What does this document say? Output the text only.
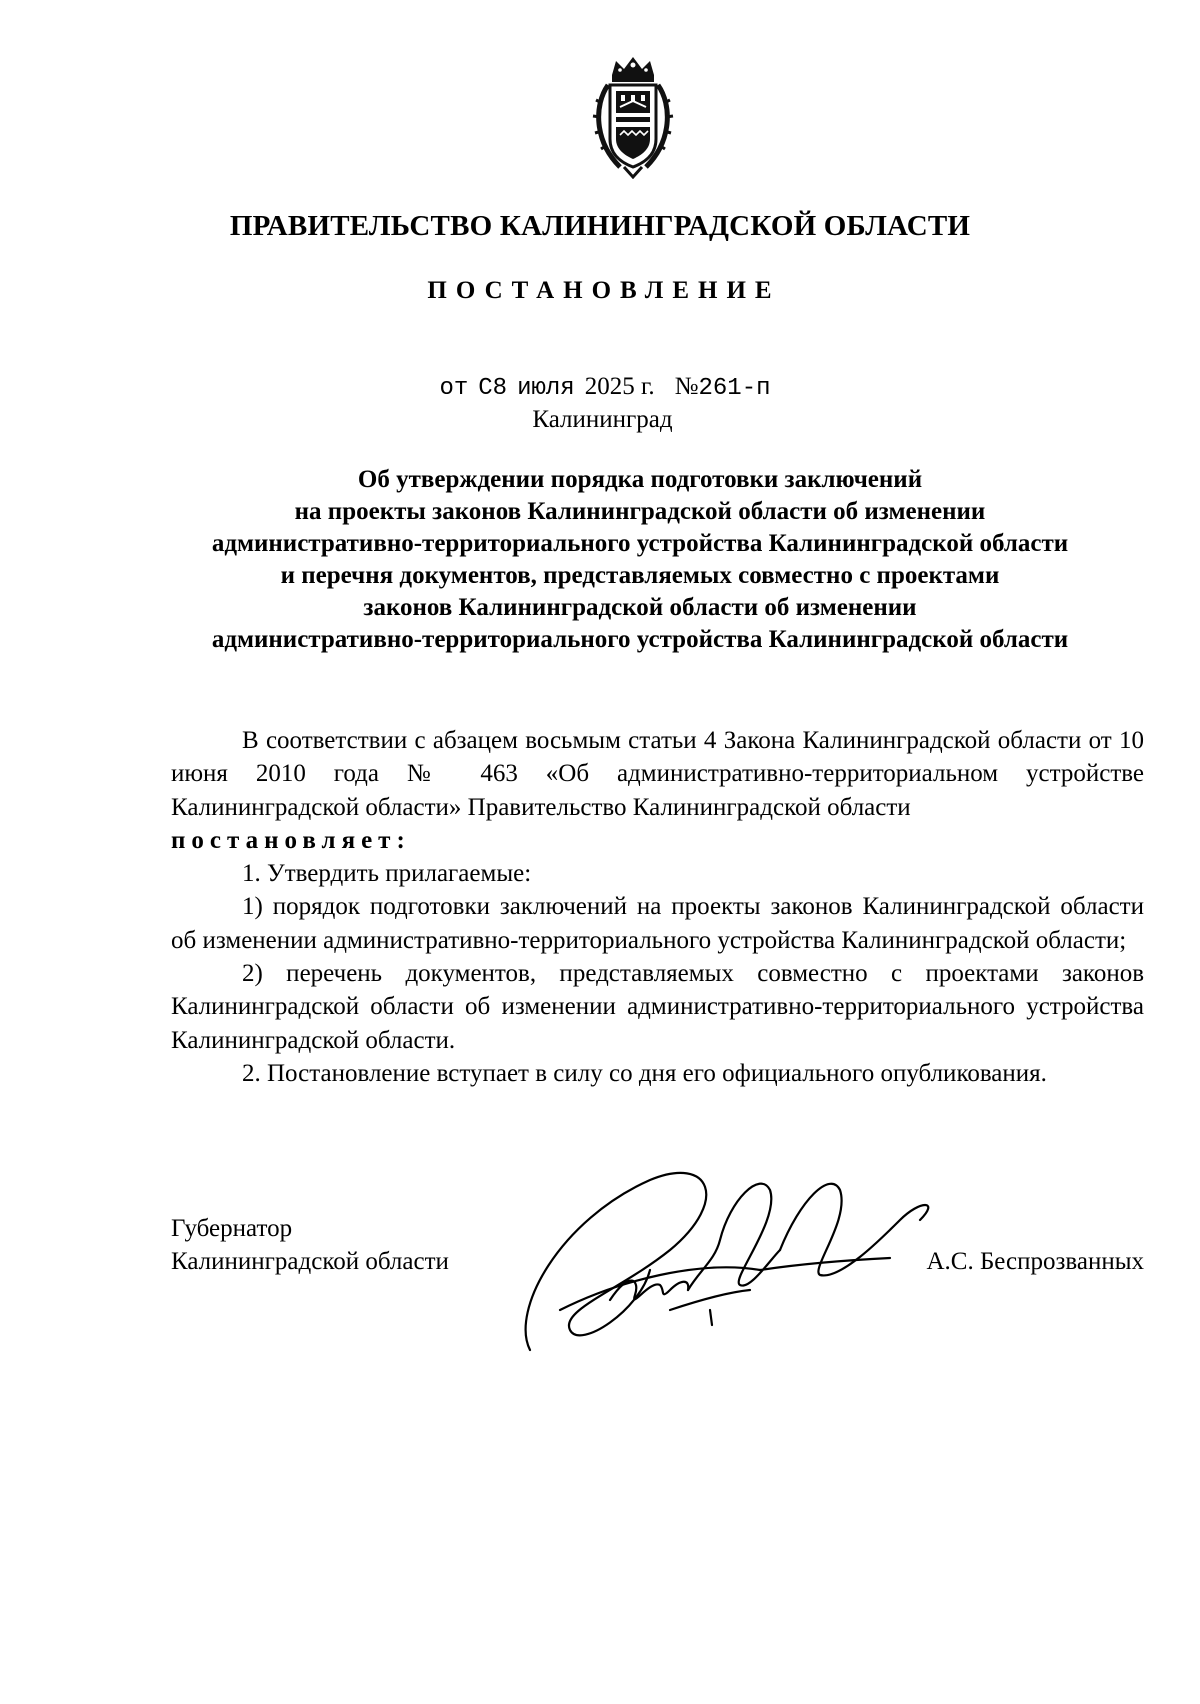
ПРАВИТЕЛЬСТВО КАЛИНИНГРАДСКОЙ ОБЛАСТИ
ПОСТАНОВЛЕНИЕ
от С8 июля 2025 г. №261-п
Калининград
Об утверждении порядка подготовки заключений
на проекты законов Калининградской области об изменении
административно-территориального устройства Калининградской области
и перечня документов, представляемых совместно с проектами
законов Калининградской области об изменении
административно-территориального устройства Калининградской области

В соответствии с абзацем восьмым статьи 4 Закона Калининградской области от 10 июня 2010 года № 463 «Об административно-территориальном устройстве Калининградской области» Правительство Калининградской области

постановляет:

1. Утвердить прилагаемые:

1) порядок подготовки заключений на проекты законов Калининградской области об изменении административно-территориального устройства Калининградской области;

2) перечень документов, представляемых совместно с проектами законов Калининградской области об изменении административно-территориального устройства Калининградской области.

2. Постановление вступает в силу со дня его официального опубликования.

Губернатор
Калининградской области	А.С. Беспрозванных
